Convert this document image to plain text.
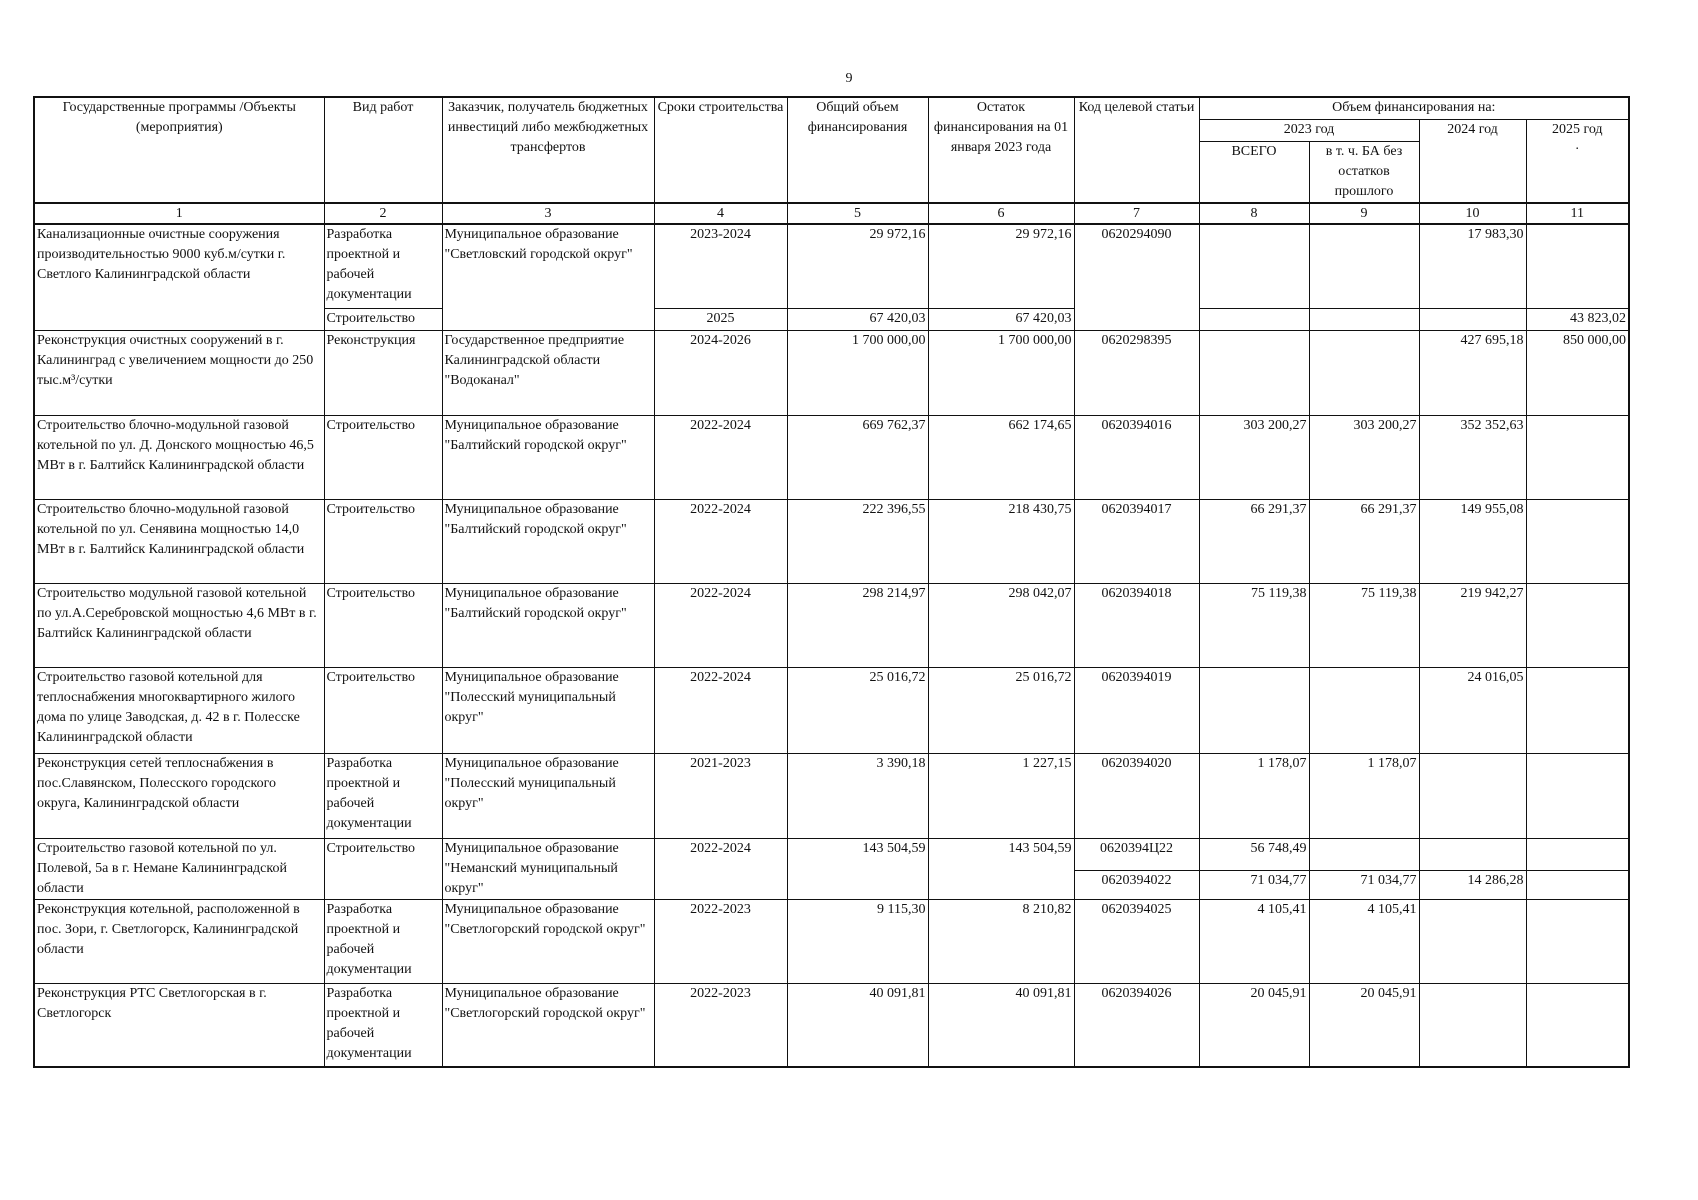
9
Государственные программы /Объекты (мероприятия)	Вид работ	Заказчик, получатель бюджетных инвестиций либо межбюджетных трансфертов	Сроки строительства	Общий объем финансирования	Остаток финансирования на 01 января 2023 года	Код целевой статьи	Объем финансирования на:			
							2023 год		2024 год	2025 год
·
							ВСЕГО	в т. ч. БА без остатков прошлого		
1	2	3	4	5	6	7	8	9	10	11
Канализационные очистные сооружения производительностью 9000 куб.м/сутки г. Светлого Калининградской области	Разработка
проектной и
рабочей
документации	Муниципальное образование "Светловский городской округ"	2023-2024	29 972,16	29 972,16	0620294090			17 983,30	
	Строительство		2025	67 420,03	67 420,03					43 823,02
Реконструкция очистных сооружений в г. Калининград с увеличением мощности до 250 тыс.м³/сутки	Реконструкция	Государственное предприятие Калининградской области "Водоканал"	2024-2026	1 700 000,00	1 700 000,00	0620298395			427 695,18	850 000,00
Строительство блочно-модульной газовой котельной по ул. Д. Донского мощностью 46,5 МВт в г. Балтийск Калининградской области	Строительство	Муниципальное образование "Балтийский городской округ"	2022-2024	669 762,37	662 174,65	0620394016	303 200,27	303 200,27	352 352,63	
Строительство блочно-модульной газовой котельной по ул. Сенявина мощностью 14,0 МВт в г. Балтийск Калининградской области	Строительство	Муниципальное образование "Балтийский городской округ"	2022-2024	222 396,55	218 430,75	0620394017	66 291,37	66 291,37	149 955,08	
Строительство модульной газовой котельной по ул.А.Серебровской мощностью 4,6 МВт в г. Балтийск Калининградской области	Строительство	Муниципальное образование "Балтийский городской округ"	2022-2024	298 214,97	298 042,07	0620394018	75 119,38	75 119,38	219 942,27	
Строительство газовой котельной для теплоснабжения многоквартирного жилого дома по улице Заводская, д. 42 в г. Полесске Калининградской области	Строительство	Муниципальное образование "Полесский муниципальный округ"	2022-2024	25 016,72	25 016,72	0620394019			24 016,05	
Реконструкция сетей теплоснабжения в пос.Славянском, Полесского городского округа, Калининградской области	Разработка
проектной и
рабочей
документации	Муниципальное образование "Полесский муниципальный округ"	2021-2023	3 390,18	1 227,15	0620394020	1 178,07	1 178,07		
Строительство газовой котельной по ул. Полевой, 5а в г. Немане Калининградской области	Строительство	Муниципальное образование "Неманский муниципальный округ"	2022-2024	143 504,59	143 504,59	0620394Ц22	56 748,49			
						0620394022	71 034,77	71 034,77	14 286,28	
Реконструкция котельной, расположенной в пос. Зори, г. Светлогорск, Калининградской области	Разработка
проектной и
рабочей
документации	Муниципальное образование "Светлогорский городской округ"	2022-2023	9 115,30	8 210,82	0620394025	4 105,41	4 105,41		
Реконструкция РТС Светлогорская в г. Светлогорск	Разработка
проектной и
рабочей
документации	Муниципальное образование "Светлогорский городской округ"	2022-2023	40 091,81	40 091,81	0620394026	20 045,91	20 045,91		
